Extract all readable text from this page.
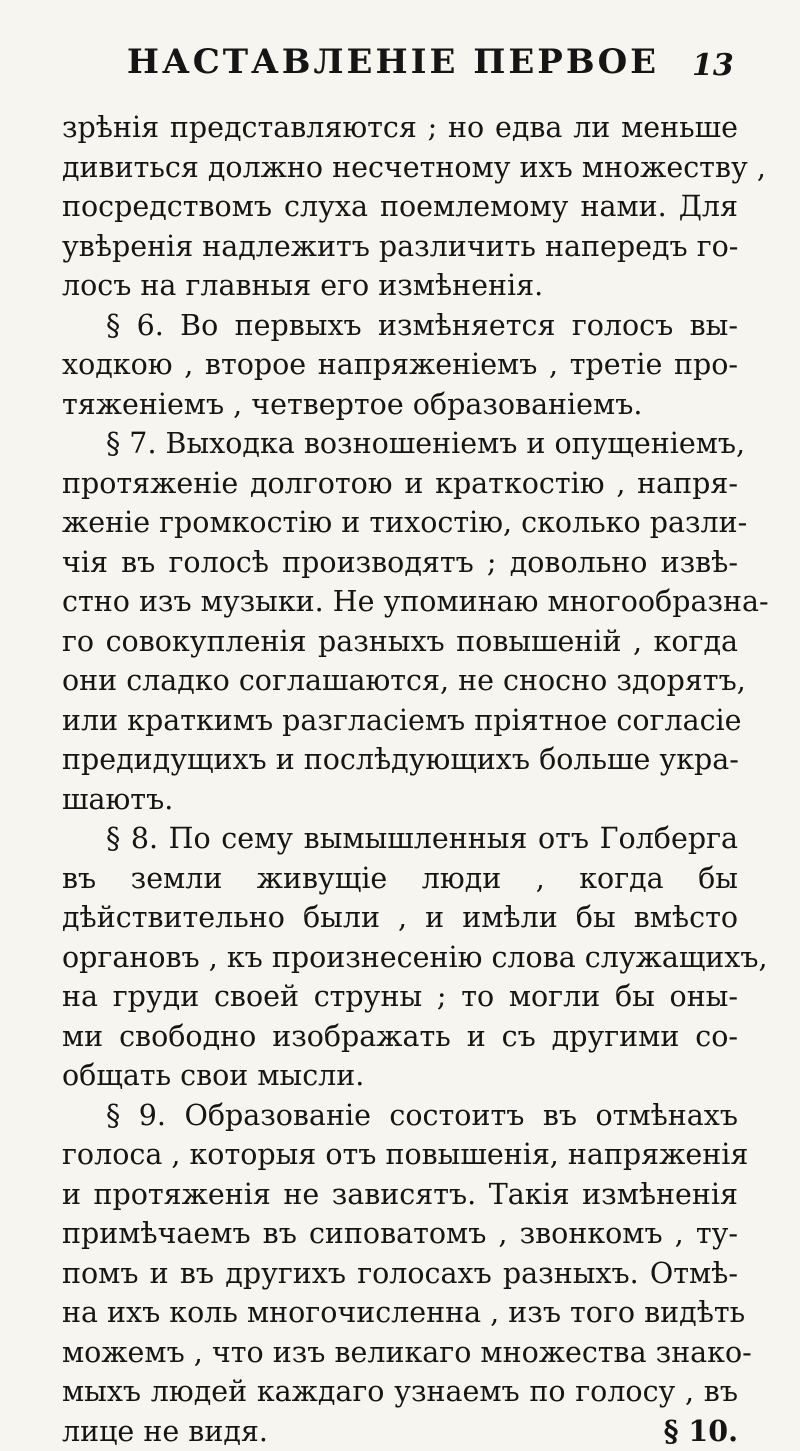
НАСТАВЛЕНІЕ ПЕРВОЕ	13
зрѣнія представляются ; но едва ли меньше
дивиться должно несчетному ихъ множеству ,
посредствомъ слуха поемлемому нами. Для
увѣренія надлежитъ различить напередъ го-
лосъ на главныя его измѣненія.
§ 6. Во первыхъ измѣняется голосъ вы-
ходкою , второе напряженіемъ , третіе про-
тяженіемъ , четвертое образованіемъ.
§ 7. Выходка возношеніемъ и опущеніемъ,
протяженіе долготою и краткостію , напря-
женіе громкостію и тихостію, сколько разли-
чія въ голосѣ производятъ ; довольно извѣ-
стно изъ музыки. Не упоминаю многообразна-
го совокупленія разныхъ повышеній , когда
они сладко соглашаются, не сносно здорятъ,
или краткимъ разгласіемъ пріятное согласіе
предидущихъ и послѣдующихъ больше укра-
шаютъ.
§ 8. По сему вымышленныя отъ Голберга
въ земли живущіе люди , когда бы
дѣйствительно были , и имѣли бы вмѣсто
органовъ , къ произнесенію слова служащихъ,
на груди своей струны ; то могли бы оны-
ми свободно изображать и съ другими со-
общать свои мысли.
§ 9. Образованіе состоитъ въ отмѣнахъ
голоса , которыя отъ повышенія, напряженія
и протяженія не зависятъ. Такія измѣненія
примѣчаемъ въ сиповатомъ , звонкомъ , ту-
помъ и въ другихъ голосахъ разныхъ. Отмѣ-
на ихъ коль многочисленна , изъ того видѣть
можемъ , что изъ великаго множества знако-
мыхъ людей каждаго узнаемъ по голосу , въ
лице не видя.	§ 10.
